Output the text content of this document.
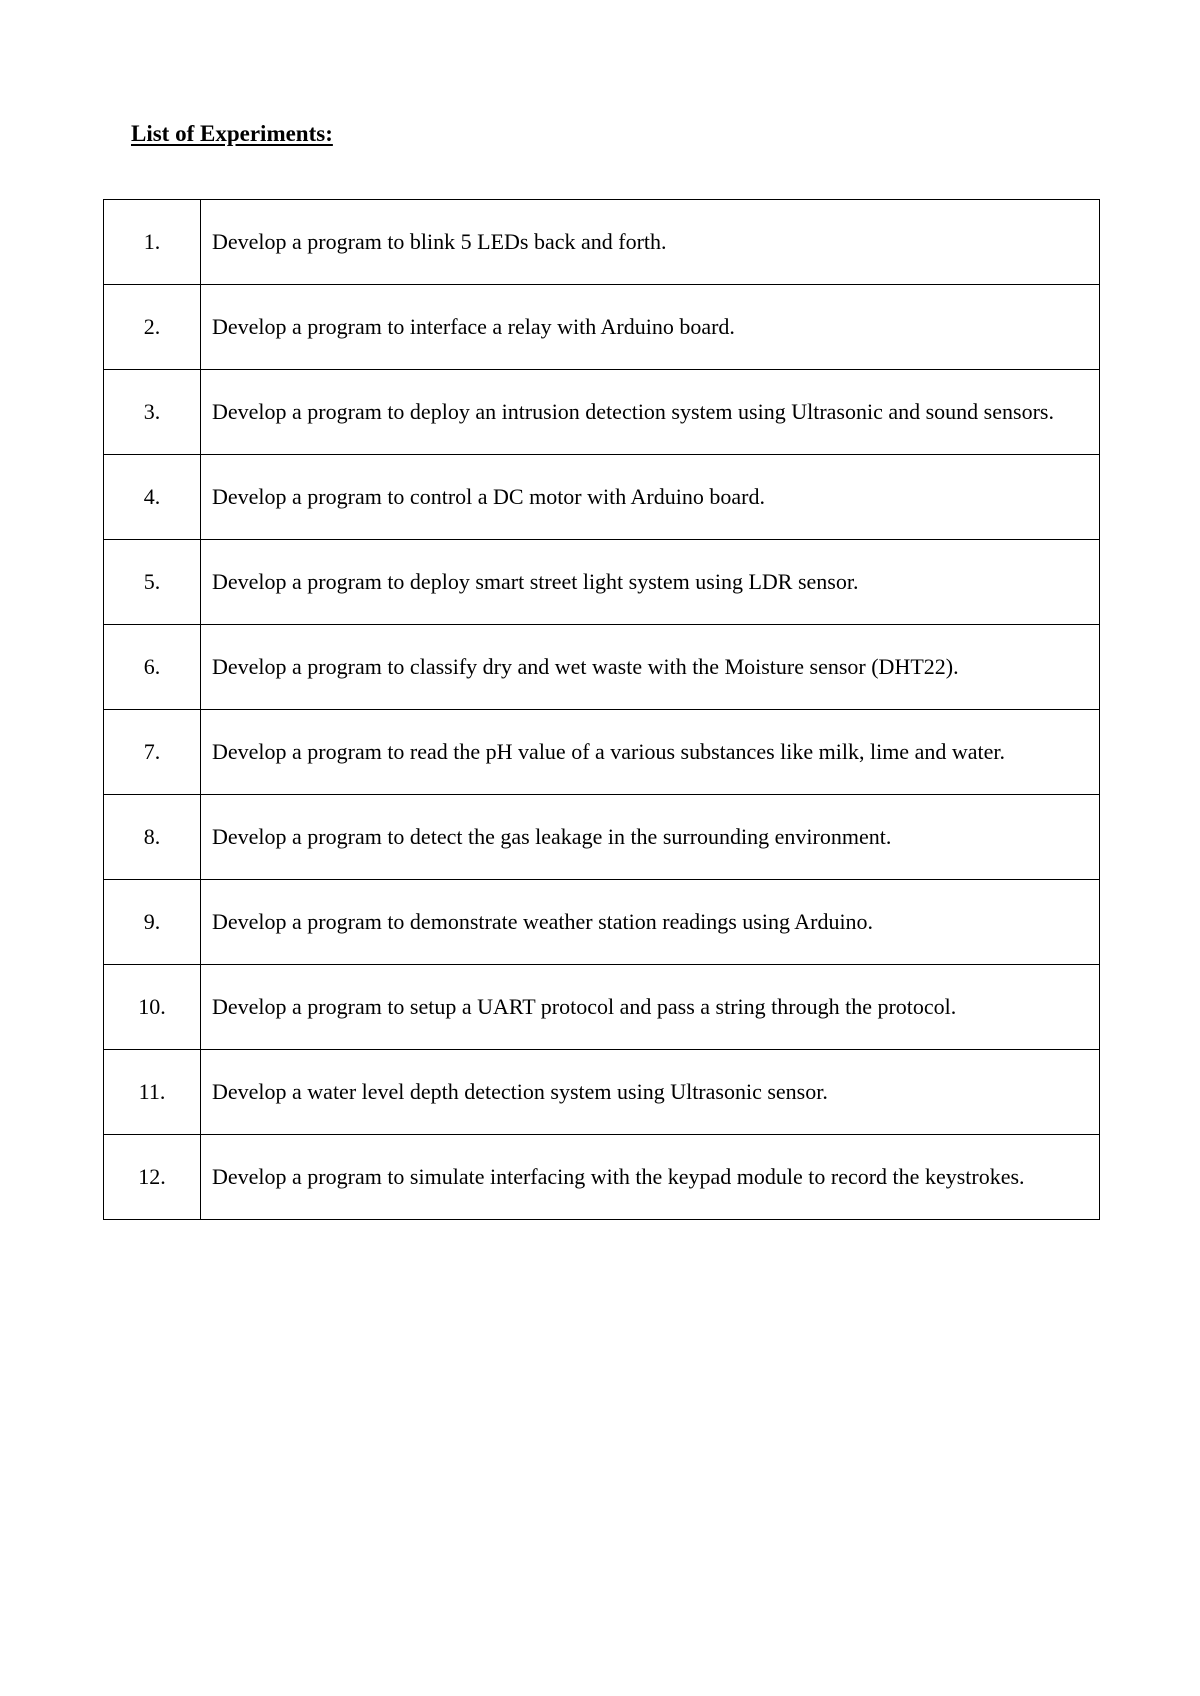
List of Experiments:
1.	Develop a program to blink 5 LEDs back and forth.
2.	Develop a program to interface a relay with Arduino board.
3.	Develop a program to deploy an intrusion detection system using Ultrasonic and sound sensors.
4.	Develop a program to control a DC motor with Arduino board.
5.	Develop a program to deploy smart street light system using LDR sensor.
6.	Develop a program to classify dry and wet waste with the Moisture sensor (DHT22).
7.	Develop a program to read the pH value of a various substances like milk, lime and water.
8.	Develop a program to detect the gas leakage in the surrounding environment.
9.	Develop a program to demonstrate weather station readings using Arduino.
10.	Develop a program to setup a UART protocol and pass a string through the protocol.
11.	Develop a water level depth detection system using Ultrasonic sensor.
12.	Develop a program to simulate interfacing with the keypad module to record the keystrokes.
